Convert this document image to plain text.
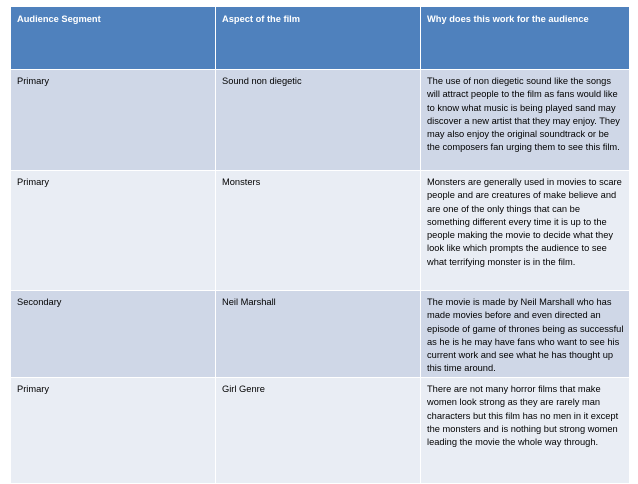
Audience Segment	Aspect of the film	Why does this work for the audience
Primary	Sound non diegetic	The use of non diegetic sound like the songs will attract people to the film as fans would like to know what music is being played sand may discover a new artist that they may enjoy. They may also enjoy the original soundtrack or be the composers fan urging them to see this film.
Primary	Monsters	Monsters are generally used in movies to scare people and are creatures of make believe and are one of the only things that can be something different every time it is up to the people making the movie to decide what they look like which prompts the audience to see what terrifying monster is in the film.
Secondary	Neil Marshall	The movie is made by Neil Marshall who has made movies before and even directed an episode of game of thrones being as successful as he is he may have fans who want to see his current work and see what he has thought up this time around.
Primary	Girl Genre	There are not many horror films that make women look strong as they are rarely man characters but this film has no men in it except the monsters and is nothing but strong women leading the movie the whole way through.
